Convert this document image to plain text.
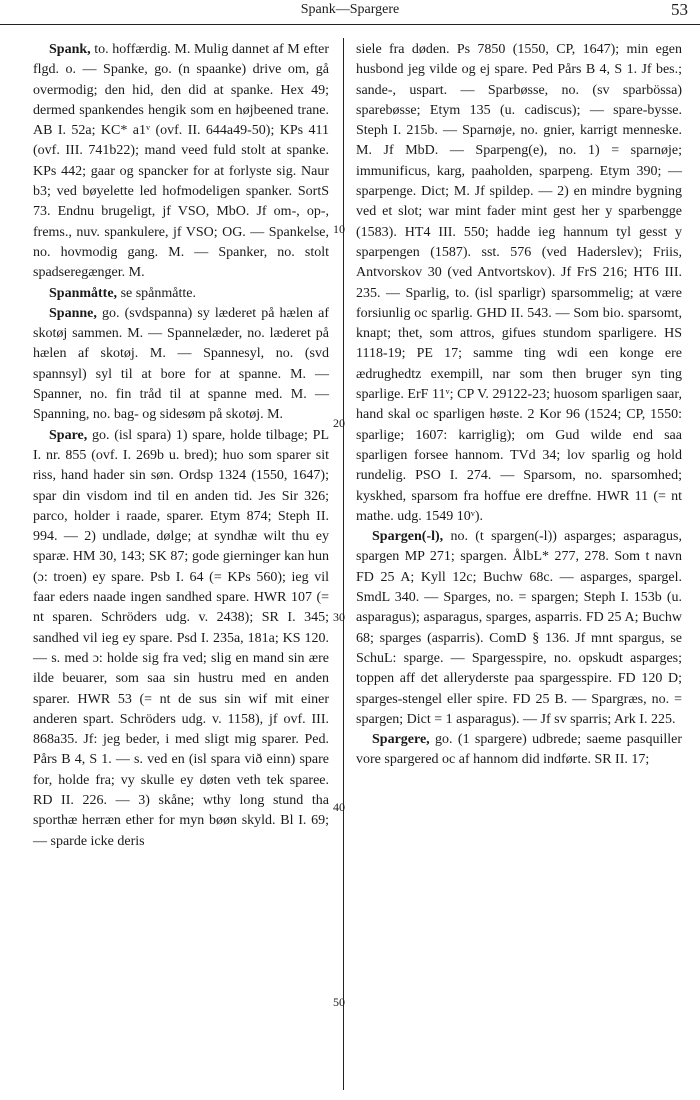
Spank—Spargere	53
10
20
30
40
50

Spank, to. hoffærdig. M. Mulig dannet af M efter flgd. o. — Spanke, go. (n spaanke) drive om, gå overmodig; den hid, den did at spanke. Hex 49; dermed spankendes hengik som en højbeened trane. AB I. 52a; KC* a1ᵛ (ovf. II. 644a49-50); KPs 411 (ovf. III. 741b22); mand veed fuld stolt at spanke. KPs 442; gaar og spancker for at forlyste sig. Naur b3; ved bøyelette led hofmodeligen spanker. SortS 73. Endnu brugeligt, jf VSO, MbO. Jf om-, op-, frems., nuv. spankulere, jf VSO; OG. — Spankelse, no. hovmodig gang. M. — Spanker, no. stolt spadseregænger. M.

Spanmåtte, se spånmåtte.

Spanne, go. (svdspanna) sy læderet på hælen af skotøj sammen. M. — Spannelæder, no. læderet på hælen af skotøj. M. — Spannesyl, no. (svd spannsyl) syl til at bore for at spanne. M. — Spanner, no. fin tråd til at spanne med. M. — Spanning, no. bag- og sidesøm på skotøj. M.

Spare, go. (isl spara) 1) spare, holde tilbage; PL I. nr. 855 (ovf. I. 269b u. bred); huo som sparer sit riss, hand hader sin søn. Ordsp 1324 (1550, 1647); spar din visdom ind til en anden tid. Jes Sir 326; parco, holder i raade, sparer. Etym 874; Steph II. 994. — 2) undlade, dølge; at syndhæ wilt thu ey sparæ. HM 30, 143; SK 87; gode gierninger kan hun (ɔ: troen) ey spare. Psb I. 64 (= KPs 560); ieg vil faar eders naade ingen sandhed spare. HWR 107 (= nt sparen. Schröders udg. v. 2438); SR I. 345; sandhed vil ieg ey spare. Psd I. 235a, 181a; KS 120. — s. med ɔ: holde sig fra ved; slig en mand sin ære ilde beuarer, som saa sin hustru med en anden sparer. HWR 53 (= nt de sus sin wif mit einer anderen spart. Schröders udg. v. 1158), jf ovf. III. 868a35. Jf: jeg beder, i med sligt mig sparer. Ped. Pårs B 4, S 1. — s. ved en (isl spara við einn) spare for, holde fra; vy skulle ey døten veth tek sparee. RD II. 226. — 3) skåne; wthy long stund tha sporthæ herræn ether for myn bøøn skyld. Bl I. 69; — sparde icke deris

siele fra døden. Ps 7850 (1550, CP, 1647); min egen husbond jeg vilde og ej spare. Ped Pårs B 4, S 1. Jf bes.; sande-, uspart. — Sparbøsse, no. (sv sparbössa) sparebøsse; Etym 135 (u. cadiscus); — spare-bysse. Steph I. 215b. — Sparnøje, no. gnier, karrigt menneske. M. Jf MbD. — Sparpeng(e), no. 1) = sparnøje; immunificus, karg, paaholden, sparpeng. Etym 390; — sparpenge. Dict; M. Jf spildep. — 2) en mindre bygning ved et slot; war mint fader mint gest her y sparbengge (1583). HT4 III. 550; hadde ieg hannum tyl gesst y sparpengen (1587). sst. 576 (ved Haderslev); Friis, Antvorskov 30 (ved Antvortskov). Jf FrS 216; HT6 III. 235. — Sparlig, to. (isl sparligr) sparsommelig; at være forsiunlig oc sparlig. GHD II. 543. — Som bio. sparsomt, knapt; thet, som attros, gifues stundom sparligere. HS 1118-19; PE 17; samme ting wdi een konge ere ædrughedtz exempill, nar som then bruger syn ting sparlige. ErF 11ᵛ; CP V. 29122-23; huosom sparligen saar, hand skal oc sparligen høste. 2 Kor 96 (1524; CP, 1550: sparlige; 1607: karriglig); om Gud wilde end saa sparligen forsee hannom. TVd 34; lov sparlig og hold rundelig. PSO I. 274. — Sparsom, no. sparsomhed; kyskhed, sparsom fra hoffue ere dreffne. HWR 11 (= nt mathe. udg. 1549 10ᵛ).

Spargen(-l), no. (t spargen(-l)) asparges; asparagus, spargen MP 271; spargen. ÅlbL* 277, 278. Som t navn FD 25 A; Kyll 12c; Buchw 68c. — asparges, spargel. SmdL 340. — Sparges, no. = spargen; Steph I. 153b (u. asparagus); asparagus, sparges, asparris. FD 25 A; Buchw 68; sparges (asparris). ComD § 136. Jf mnt spargus, se SchuL: sparge. — Spargesspire, no. opskudt asparges; toppen aff det alleryderste paa spargesspire. FD 120 D; sparges-stengel eller spire. FD 25 B. — Spargræs, no. = spargen; Dict = 1 asparagus). — Jf sv sparris; Ark I. 225.

Spargere, go. (1 spargere) udbrede; saeme pasquiller vore spargered oc af hannom did indførte. SR II. 17;
